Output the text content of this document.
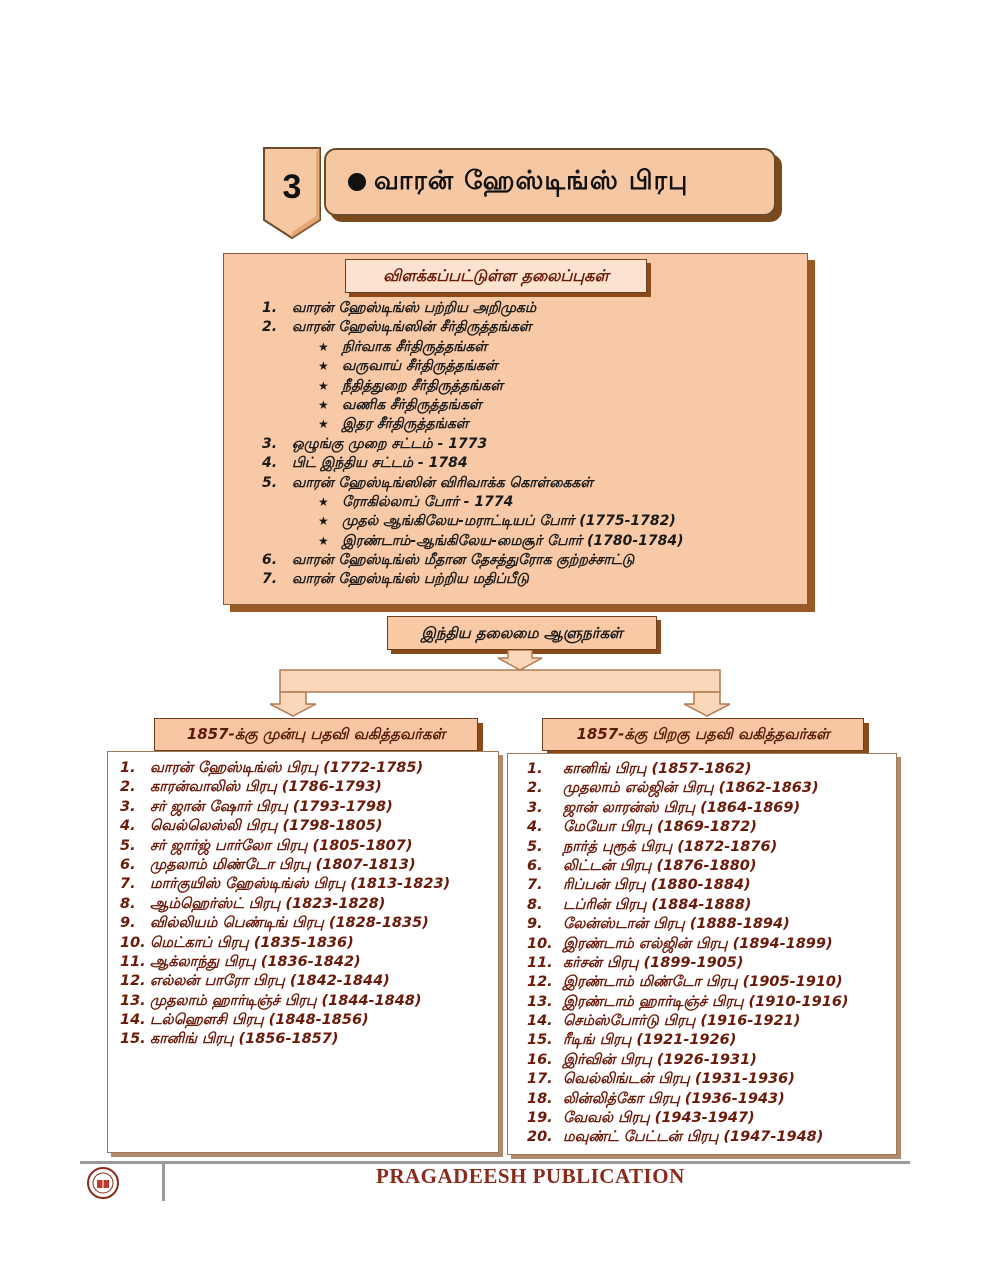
3	வாரன் ஹேஸ்டிங்ஸ் பிரபு
விளக்கப்பட்டுள்ள தலைப்புகள்
1. வாரன் ஹேஸ்டிங்ஸ் பற்றிய அறிமுகம்
2. வாரன் ஹேஸ்டிங்ஸின் சீர்திருத்தங்கள்
★ நிர்வாக சீர்திருத்தங்கள்
★ வருவாய் சீர்திருத்தங்கள்
★ நீதித்துறை சீர்திருத்தங்கள்
★ வணிக சீர்திருத்தங்கள்
★ இதர சீர்திருத்தங்கள்
3. ஒழுங்கு முறை சட்டம் - 1773
4. பிட் இந்திய சட்டம் - 1784
5. வாரன் ஹேஸ்டிங்ஸின் விரிவாக்க கொள்கைகள்
★ ரோகில்லாப் போர் - 1774
★ முதல் ஆங்கிலேய-மராட்டியப் போர் (1775-1782)
★ இரண்டாம்-ஆங்கிலேய-மைசூர் போர் (1780-1784)
6. வாரன் ஹேஸ்டிங்ஸ் மீதான தேசத்துரோக குற்றச்சாட்டு
7. வாரன் ஹேஸ்டிங்ஸ் பற்றிய மதிப்பீடு
இந்திய தலைமை ஆளுநர்கள்
1857-க்கு முன்பு பதவி வகித்தவர்கள்	1857-க்கு பிறகு பதவி வகித்தவர்கள்
1. வாரன் ஹேஸ்டிங்ஸ் பிரபு (1772-1785)
2. காரன்வாலிஸ் பிரபு (1786-1793)
3. சர் ஜான் ஷோர் பிரபு (1793-1798)
4. வெல்லெஸ்லி பிரபு (1798-1805)
5. சர் ஜார்ஜ் பார்லோ பிரபு (1805-1807)
6. முதலாம் மிண்டோ பிரபு (1807-1813)
7. மார்குயிஸ் ஹேஸ்டிங்ஸ் பிரபு (1813-1823)
8. ஆம்ஹெர்ஸ்ட் பிரபு (1823-1828)
9. வில்லியம் பெண்டிங் பிரபு (1828-1835)
10. மெட்காப் பிரபு (1835-1836)
11. ஆக்லாந்து பிரபு (1836-1842)
12. எல்லன் பாரோ பிரபு (1842-1844)
13. முதலாம் ஹார்டிஞ்ச் பிரபு (1844-1848)
14. டல்ஹௌசி பிரபு (1848-1856)
15. கானிங் பிரபு (1856-1857)
1. கானிங் பிரபு (1857-1862)
2. முதலாம் எல்ஜின் பிரபு (1862-1863)
3. ஜான் லாரன்ஸ் பிரபு (1864-1869)
4. மேயோ பிரபு (1869-1872)
5. நார்த் புரூக் பிரபு (1872-1876)
6. லிட்டன் பிரபு (1876-1880)
7. ரிப்பன் பிரபு (1880-1884)
8. டப்ரின் பிரபு (1884-1888)
9. லேன்ஸ்டான் பிரபு (1888-1894)
10. இரண்டாம் எல்ஜின் பிரபு (1894-1899)
11. கர்சன் பிரபு (1899-1905)
12. இரண்டாம் மிண்டோ பிரபு (1905-1910)
13. இரண்டாம் ஹார்டிஞ்ச் பிரபு (1910-1916)
14. செம்ஸ்போர்டு பிரபு (1916-1921)
15. ரீடிங் பிரபு (1921-1926)
16. இர்வின் பிரபு (1926-1931)
17. வெல்லிங்டன் பிரபு (1931-1936)
18. லின்லித்கோ பிரபு (1936-1943)
19. வேவல் பிரபு (1943-1947)
20. மவுண்ட் பேட்டன் பிரபு (1947-1948)
PRAGADEESH PUBLICATION
